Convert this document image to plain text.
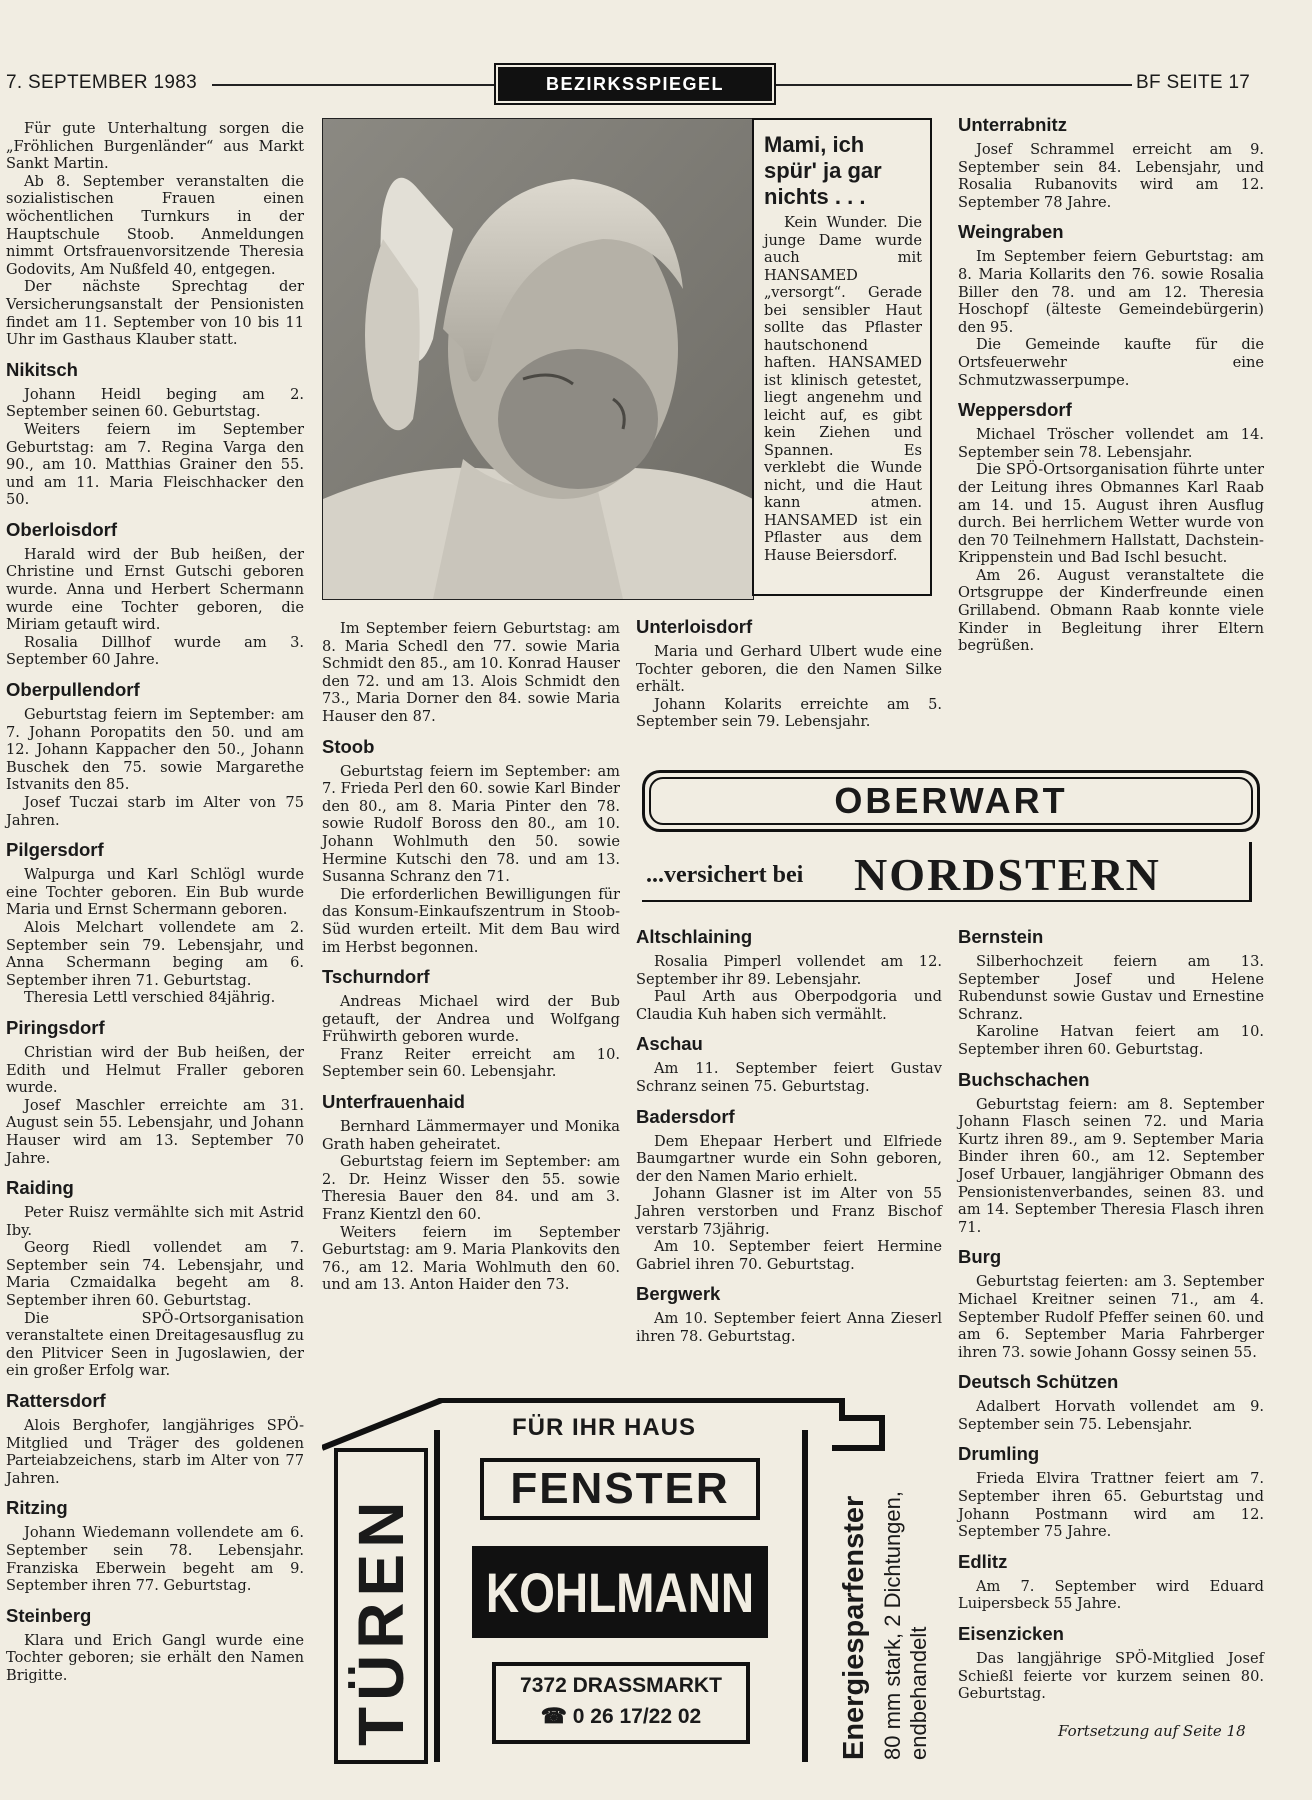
7. SEPTEMBER 1983	BEZIRKSSPIEGEL	BF SEITE 17

Für gute Unterhaltung sorgen die „Fröhlichen Burgenländer“ aus Markt Sankt Martin.

Ab 8. September veranstalten die sozialistischen Frauen einen wöchentlichen Turnkurs in der Hauptschule Stoob. Anmeldungen nimmt Ortsfrauenvorsitzende Theresia Godovits, Am Nußfeld 40, entgegen.

Der nächste Sprechtag der Versicherungsanstalt der Pensionisten findet am 11. September von 10 bis 11 Uhr im Gasthaus Klauber statt.

Nikitsch

Johann Heidl beging am 2. September seinen 60. Geburtstag.

Weiters feiern im September Geburtstag: am 7. Regina Varga den 90., am 10. Matthias Grainer den 55. und am 11. Maria Fleischhacker den 50.

Oberloisdorf

Harald wird der Bub heißen, der Christine und Ernst Gutschi geboren wurde. Anna und Herbert Schermann wurde eine Tochter geboren, die Miriam getauft wird.

Rosalia Dillhof wurde am 3. September 60 Jahre.

Oberpullendorf

Geburtstag feiern im September: am 7. Johann Poropatits den 50. und am 12. Johann Kappacher den 50., Johann Buschek den 75. sowie Margarethe Istvanits den 85.

Josef Tuczai starb im Alter von 75 Jahren.

Pilgersdorf

Walpurga und Karl Schlögl wurde eine Tochter geboren. Ein Bub wurde Maria und Ernst Schermann geboren.

Alois Melchart vollendete am 2. September sein 79. Lebensjahr, und Anna Schermann beging am 6. September ihren 71. Geburtstag.

Theresia Lettl verschied 84jährig.

Piringsdorf

Christian wird der Bub heißen, der Edith und Helmut Fraller geboren wurde.

Josef Maschler erreichte am 31. August sein 55. Lebensjahr, und Johann Hauser wird am 13. September 70 Jahre.

Raiding

Peter Ruisz vermählte sich mit Astrid Iby.

Georg Riedl vollendet am 7. September sein 74. Lebensjahr, und Maria Czmaidalka begeht am 8. September ihren 60. Geburtstag.

Die SPÖ-Ortsorganisation veranstaltete einen Dreitagesausflug zu den Plitvicer Seen in Jugoslawien, der ein großer Erfolg war.

Rattersdorf

Alois Berghofer, langjähriges SPÖ-Mitglied und Träger des goldenen Parteiabzeichens, starb im Alter von 77 Jahren.

Ritzing

Johann Wiedemann vollendete am 6. September sein 78. Lebensjahr. Franziska Eberwein begeht am 9. September ihren 77. Geburtstag.

Steinberg

Klara und Erich Gangl wurde eine Tochter geboren; sie erhält den Namen Brigitte.

Mami, ich spür' ja gar nichts . . .

Kein Wunder. Die junge Dame wurde auch mit HANSAMED „versorgt“. Gerade bei sensibler Haut sollte das Pflaster hautschonend haften. HANSAMED ist klinisch getestet, liegt angenehm und leicht auf, es gibt kein Ziehen und Spannen. Es verklebt die Wunde nicht, und die Haut kann atmen. HANSAMED ist ein Pflaster aus dem Hause Beiersdorf.

Im September feiern Geburtstag: am 8. Maria Schedl den 77. sowie Maria Schmidt den 85., am 10. Konrad Hauser den 72. und am 13. Alois Schmidt den 73., Maria Dorner den 84. sowie Maria Hauser den 87.

Stoob

Geburtstag feiern im September: am 7. Frieda Perl den 60. sowie Karl Binder den 80., am 8. Maria Pinter den 78. sowie Rudolf Boross den 80., am 10. Johann Wohlmuth den 50. sowie Hermine Kutschi den 78. und am 13. Susanna Schranz den 71.

Die erforderlichen Bewilligungen für das Konsum-Einkaufszentrum in Stoob-Süd wurden erteilt. Mit dem Bau wird im Herbst begonnen.

Tschurndorf

Andreas Michael wird der Bub getauft, der Andrea und Wolfgang Frühwirth geboren wurde.

Franz Reiter erreicht am 10. September sein 60. Lebensjahr.

Unterfrauenhaid

Bernhard Lämmermayer und Monika Grath haben geheiratet.

Geburtstag feiern im September: am 2. Dr. Heinz Wisser den 55. sowie Theresia Bauer den 84. und am 3. Franz Kientzl den 60.

Weiters feiern im September Geburtstag: am 9. Maria Plankovits den 76., am 12. Maria Wohlmuth den 60. und am 13. Anton Haider den 73.

Unterloisdorf

Maria und Gerhard Ulbert wude eine Tochter geboren, die den Namen Silke erhält.

Johann Kolarits erreichte am 5. September sein 79. Lebensjahr.

Unterrabnitz

Josef Schrammel erreicht am 9. September sein 84. Lebensjahr, und Rosalia Rubanovits wird am 12. September 78 Jahre.

Weingraben

Im September feiern Geburtstag: am 8. Maria Kollarits den 76. sowie Rosalia Biller den 78. und am 12. Theresia Hoschopf (älteste Gemeindebürgerin) den 95.

Die Gemeinde kaufte für die Ortsfeuerwehr eine Schmutzwasserpumpe.

Weppersdorf

Michael Tröscher vollendet am 14. September sein 78. Lebensjahr.

Die SPÖ-Ortsorganisation führte unter der Leitung ihres Obmannes Karl Raab am 14. und 15. August ihren Ausflug durch. Bei herrlichem Wetter wurde von den 70 Teilnehmern Hallstatt, Dachstein-Krippenstein und Bad Ischl besucht.

Am 26. August veranstaltete die Ortsgruppe der Kinderfreunde einen Grillabend. Obmann Raab konnte viele Kinder in Begleitung ihrer Eltern begrüßen.

OBERWART
...versichert bei NORDSTERN
Altschlaining

Rosalia Pimperl vollendet am 12. September ihr 89. Lebensjahr.

Paul Arth aus Oberpodgoria und Claudia Kuh haben sich vermählt.

Aschau

Am 11. September feiert Gustav Schranz seinen 75. Geburtstag.

Badersdorf

Dem Ehepaar Herbert und Elfriede Baumgartner wurde ein Sohn geboren, der den Namen Mario erhielt.

Johann Glasner ist im Alter von 55 Jahren verstorben und Franz Bischof verstarb 73jährig.

Am 10. September feiert Hermine Gabriel ihren 70. Geburtstag.

Bergwerk

Am 10. September feiert Anna Zieserl ihren 78. Geburtstag.

Bernstein

Silberhochzeit feiern am 13. September Josef und Helene Rubendunst sowie Gustav und Ernestine Schranz.

Karoline Hatvan feiert am 10. September ihren 60. Geburtstag.

Buchschachen

Geburtstag feiern: am 8. September Johann Flasch seinen 72. und Maria Kurtz ihren 89., am 9. September Maria Binder ihren 60., am 12. September Josef Urbauer, langjähriger Obmann des Pensionistenverbandes, seinen 83. und am 14. September Theresia Flasch ihren 71.

Burg

Geburtstag feierten: am 3. September Michael Kreitner seinen 71., am 4. September Rudolf Pfeffer seinen 60. und am 6. September Maria Fahrberger ihren 73. sowie Johann Gossy seinen 55.

Deutsch Schützen

Adalbert Horvath vollendet am 9. September sein 75. Lebensjahr.

Drumling

Frieda Elvira Trattner feiert am 7. September ihren 65. Geburtstag und Johann Postmann wird am 12. September 75 Jahre.

Edlitz

Am 7. September wird Eduard Luipersbeck 55 Jahre.

Eisenzicken

Das langjährige SPÖ-Mitglied Josef Schießl feierte vor kurzem seinen 80. Geburtstag.

Fortsetzung auf Seite 18
FÜR IHR HAUS
FENSTER
KOHLMANN
7372 DRASSMARKT
☎ 0 26 17/22 02
TÜREN	Energiesparfenster 80 mm stark, 2 Dichtungen, endbehandelt
